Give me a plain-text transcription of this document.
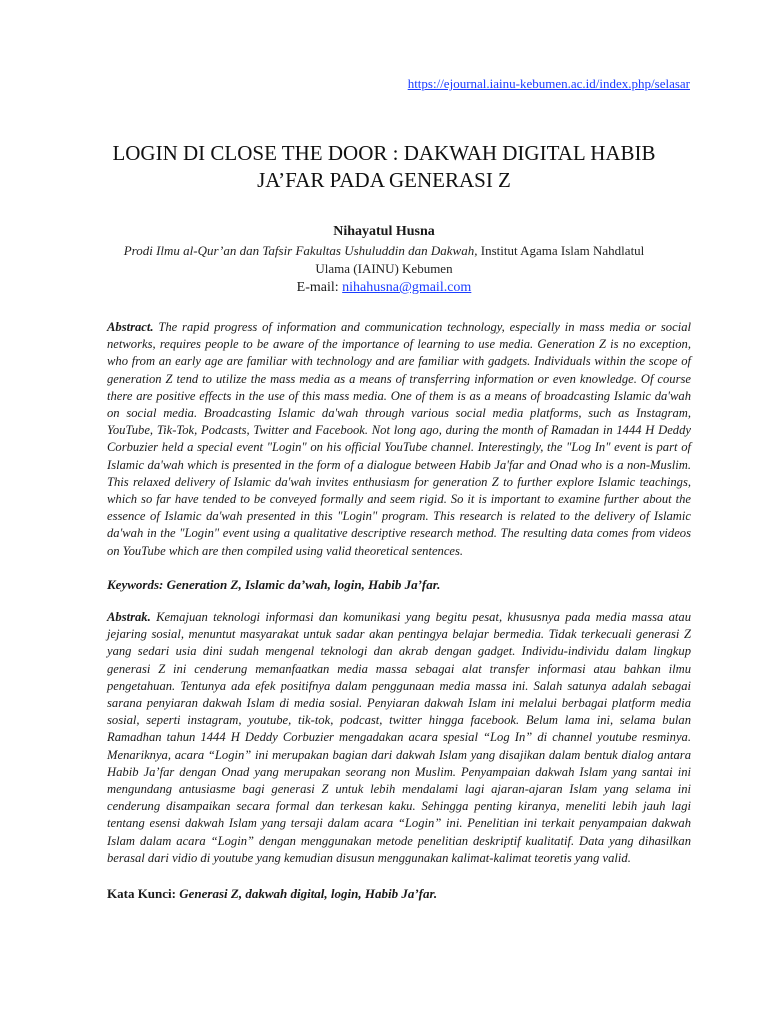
https://ejournal.iainu-kebumen.ac.id/index.php/selasar
LOGIN DI CLOSE THE DOOR : DAKWAH DIGITAL HABIB JA’FAR PADA GENERASI Z
Nihayatul Husna
Prodi Ilmu al-Qur’an dan Tafsir Fakultas Ushuluddin dan Dakwah, Institut Agama Islam Nahdlatul Ulama (IAINU) Kebumen
E-mail: nihahusna@gmail.com
Abstract. The rapid progress of information and communication technology, especially in mass media or social networks, requires people to be aware of the importance of learning to use media. Generation Z is no exception, who from an early age are familiar with technology and are familiar with gadgets. Individuals within the scope of generation Z tend to utilize the mass media as a means of transferring information or even knowledge. Of course there are positive effects in the use of this mass media. One of them is as a means of broadcasting Islamic da'wah on social media. Broadcasting Islamic da'wah through various social media platforms, such as Instagram, YouTube, Tik-Tok, Podcasts, Twitter and Facebook. Not long ago, during the month of Ramadan in 1444 H Deddy Corbuzier held a special event "Login" on his official YouTube channel. Interestingly, the "Log In" event is part of Islamic da'wah which is presented in the form of a dialogue between Habib Ja'far and Onad who is a non-Muslim. This relaxed delivery of Islamic da'wah invites enthusiasm for generation Z to further explore Islamic teachings, which so far have tended to be conveyed formally and seem rigid. So it is important to examine further about the essence of Islamic da'wah presented in this "Login" program. This research is related to the delivery of Islamic da'wah in the "Login" event using a qualitative descriptive research method. The resulting data comes from videos on YouTube which are then compiled using valid theoretical sentences.
Keywords: Generation Z, Islamic da’wah, login, Habib Ja’far.
Abstrak. Kemajuan teknologi informasi dan komunikasi yang begitu pesat, khususnya pada media massa atau jejaring sosial, menuntut masyarakat untuk sadar akan pentingya belajar bermedia. Tidak terkecuali generasi Z yang sedari usia dini sudah mengenal teknologi dan akrab dengan gadget. Individu-individu dalam lingkup generasi Z ini cenderung memanfaatkan media massa sebagai alat transfer informasi atau bahkan ilmu pengetahuan. Tentunya ada efek positifnya dalam penggunaan media massa ini. Salah satunya adalah sebagai sarana penyiaran dakwah Islam di media sosial. Penyiaran dakwah Islam ini melalui berbagai platform media sosial, seperti instagram, youtube, tik-tok, podcast, twitter hingga facebook. Belum lama ini, selama bulan Ramadhan tahun 1444 H Deddy Corbuzier mengadakan acara spesial “Log In” di channel youtube resminya. Menariknya, acara “Login” ini merupakan bagian dari dakwah Islam yang disajikan dalam bentuk dialog antara Habib Ja’far dengan Onad yang merupakan seorang non Muslim. Penyampaian dakwah Islam yang santai ini mengundang antusiasme bagi generasi Z untuk lebih mendalami lagi ajaran-ajaran Islam yang selama ini cenderung disampaikan secara formal dan terkesan kaku. Sehingga penting kiranya, meneliti lebih jauh lagi tentang esensi dakwah Islam yang tersaji dalam acara “Login” ini. Penelitian ini terkait penyampaian dakwah Islam dalam acara “Login” dengan menggunakan metode penelitian deskriptif kualitatif. Data yang dihasilkan berasal dari vidio di youtube yang kemudian disusun menggunakan kalimat-kalimat teoretis yang valid.
Kata Kunci: Generasi Z, dakwah digital, login, Habib Ja’far.
